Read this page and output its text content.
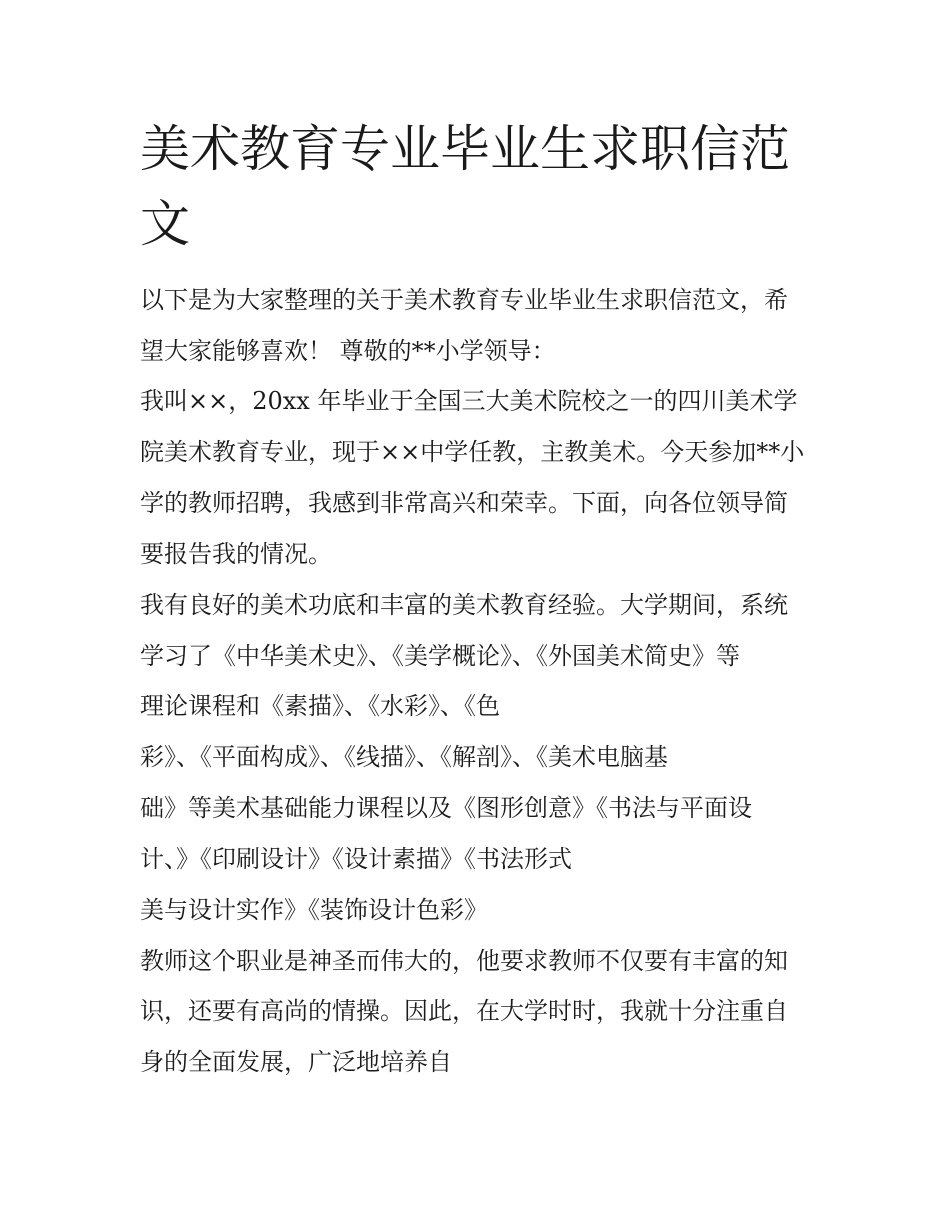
美术教育专业毕业生求职信范
文

以下是为大家整理的关于美术教育专业毕业生求职信范文，希

望大家能够喜欢！ 尊敬的**小学领导：

我叫××，20xx 年毕业于全国三大美术院校之一的四川美术学

院美术教育专业，现于××中学任教，主教美术。今天参加**小

学的教师招聘，我感到非常高兴和荣幸。下面，向各位领导简

要报告我的情况。

我有良好的美术功底和丰富的美术教育经验。大学期间，系统

学习了《中华美术史》、《美学概论》、《外国美术简史》等

理论课程和《素描》、《水彩》、《色

彩》、《平面构成》、《线描》、《解剖》、《美术电脑基

础》等美术基础能力课程以及《图形创意》《书法与平面设

计、》《印刷设计》《设计素描》《书法形式

美与设计实作》《装饰设计色彩》

教师这个职业是神圣而伟大的，他要求教师不仅要有丰富的知

识，还要有高尚的情操。因此，在大学时时，我就十分注重自

身的全面发展，广泛地培养自
